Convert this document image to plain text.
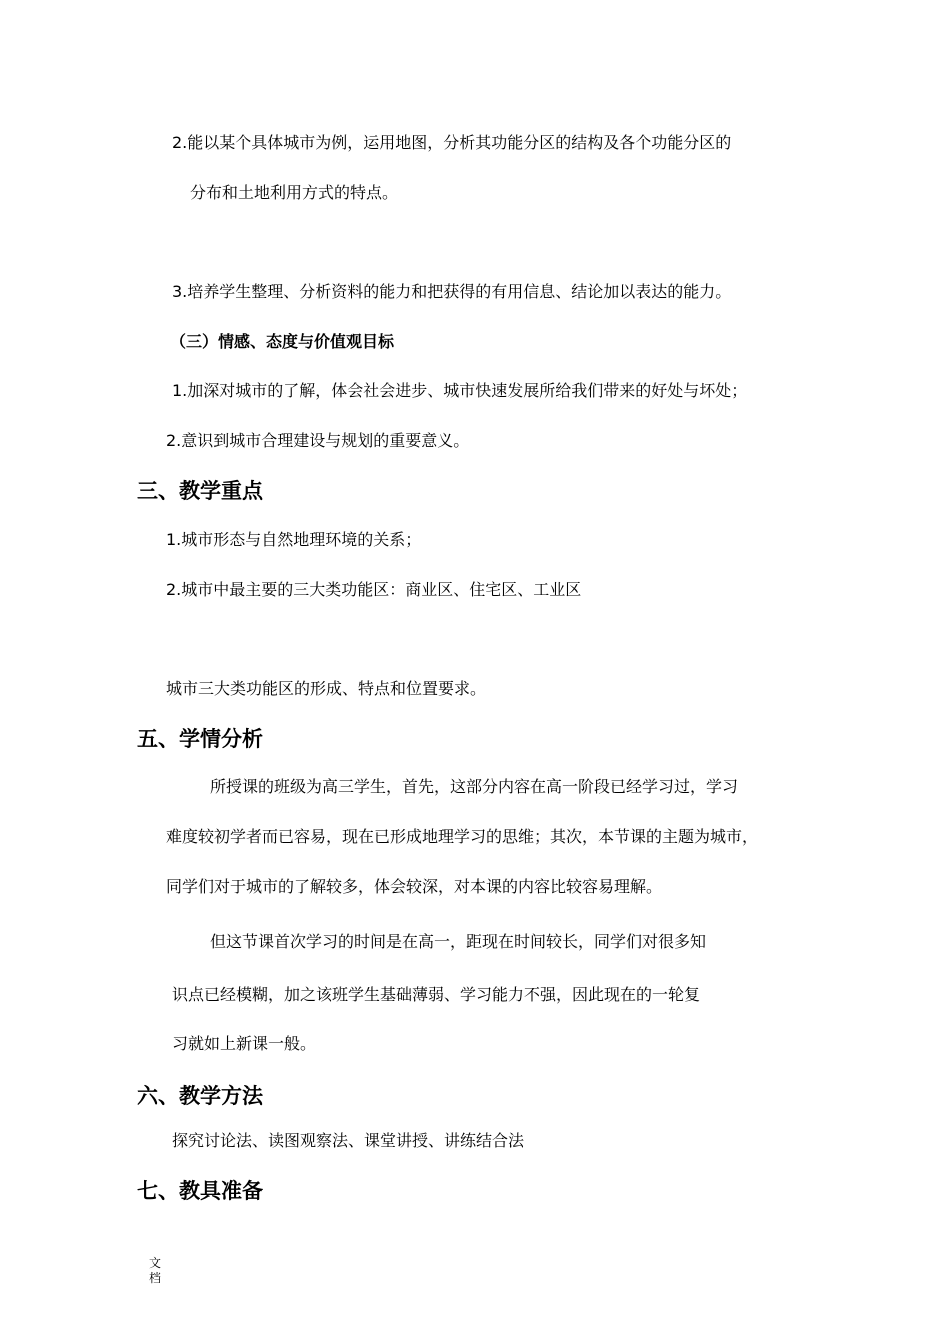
2.能以某个具体城市为例，运用地图，分析其功能分区的结构及各个功能分区的
分布和土地利用方式的特点。
3.培养学生整理、分析资料的能力和把获得的有用信息、结论加以表达的能力。
（三）情感、态度与价值观目标
1.加深对城市的了解，体会社会进步、城市快速发展所给我们带来的好处与坏处；
2.意识到城市合理建设与规划的重要意义。
三、教学重点
1.城市形态与自然地理环境的关系；
2.城市中最主要的三大类功能区：商业区、住宅区、工业区
城市三大类功能区的形成、特点和位置要求。
五、学情分析
所授课的班级为高三学生，首先，这部分内容在高一阶段已经学习过，学习
难度较初学者而已容易，现在已形成地理学习的思维；其次，本节课的主题为城市，
同学们对于城市的了解较多，体会较深，对本课的内容比较容易理解。
但这节课首次学习的时间是在高一，距现在时间较长，同学们对很多知
识点已经模糊，加之该班学生基础薄弱、学习能力不强，因此现在的一轮复
习就如上新课一般。
六、教学方法
探究讨论法、读图观察法、课堂讲授、讲练结合法
七、教具准备
文
档
